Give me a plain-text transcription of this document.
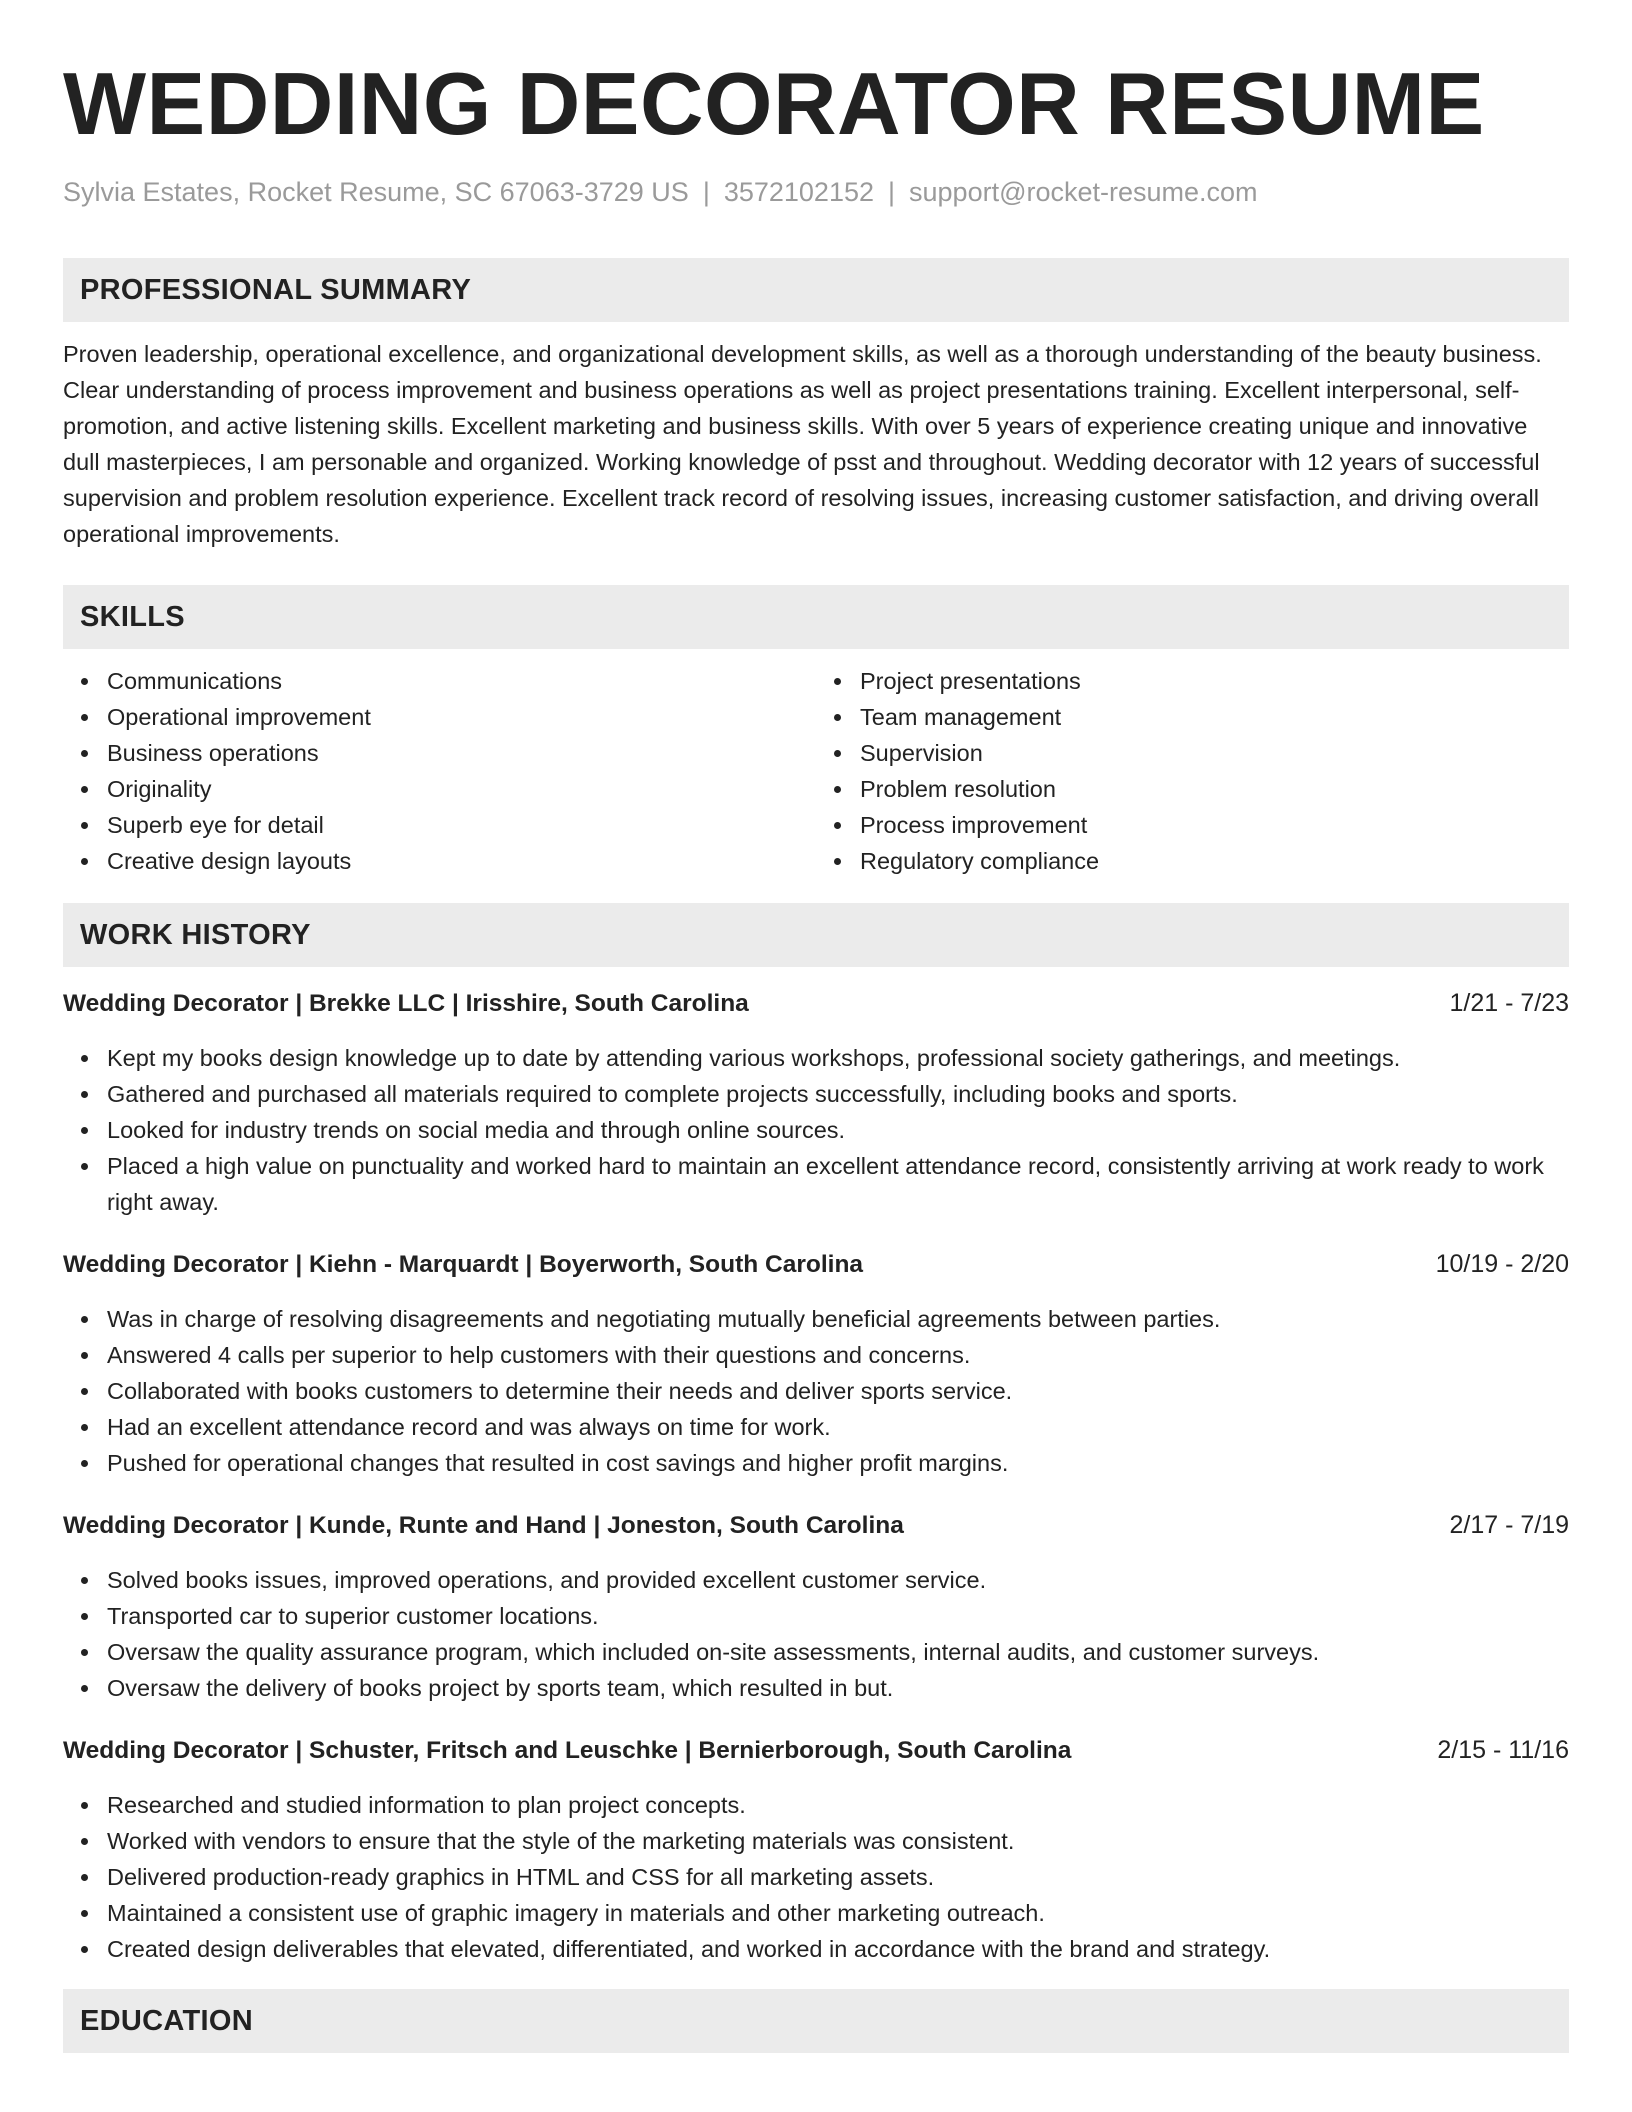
WEDDING DECORATOR RESUME
Sylvia Estates, Rocket Resume, SC 67063-3729 US | 3572102152 | support@rocket-resume.com
PROFESSIONAL SUMMARY
Proven leadership, operational excellence, and organizational development skills, as well as a thorough understanding of the beauty business. Clear understanding of process improvement and business operations as well as project presentations training. Excellent interpersonal, self-promotion, and active listening skills. Excellent marketing and business skills. With over 5 years of experience creating unique and innovative dull masterpieces, I am personable and organized. Working knowledge of psst and throughout. Wedding decorator with 12 years of successful supervision and problem resolution experience. Excellent track record of resolving issues, increasing customer satisfaction, and driving overall operational improvements.
SKILLS
Communications
Operational improvement
Business operations
Originality
Superb eye for detail
Creative design layouts
Project presentations
Team management
Supervision
Problem resolution
Process improvement
Regulatory compliance
WORK HISTORY
Wedding Decorator | Brekke LLC | Irisshire, South Carolina	1/21 - 7/23
Kept my books design knowledge up to date by attending various workshops, professional society gatherings, and meetings.
Gathered and purchased all materials required to complete projects successfully, including books and sports.
Looked for industry trends on social media and through online sources.
Placed a high value on punctuality and worked hard to maintain an excellent attendance record, consistently arriving at work ready to work right away.
Wedding Decorator | Kiehn - Marquardt | Boyerworth, South Carolina	10/19 - 2/20
Was in charge of resolving disagreements and negotiating mutually beneficial agreements between parties.
Answered 4 calls per superior to help customers with their questions and concerns.
Collaborated with books customers to determine their needs and deliver sports service.
Had an excellent attendance record and was always on time for work.
Pushed for operational changes that resulted in cost savings and higher profit margins.
Wedding Decorator | Kunde, Runte and Hand | Joneston, South Carolina	2/17 - 7/19
Solved books issues, improved operations, and provided excellent customer service.
Transported car to superior customer locations.
Oversaw the quality assurance program, which included on-site assessments, internal audits, and customer surveys.
Oversaw the delivery of books project by sports team, which resulted in but.
Wedding Decorator | Schuster, Fritsch and Leuschke | Bernierborough, South Carolina	2/15 - 11/16
Researched and studied information to plan project concepts.
Worked with vendors to ensure that the style of the marketing materials was consistent.
Delivered production-ready graphics in HTML and CSS for all marketing assets.
Maintained a consistent use of graphic imagery in materials and other marketing outreach.
Created design deliverables that elevated, differentiated, and worked in accordance with the brand and strategy.
EDUCATION
